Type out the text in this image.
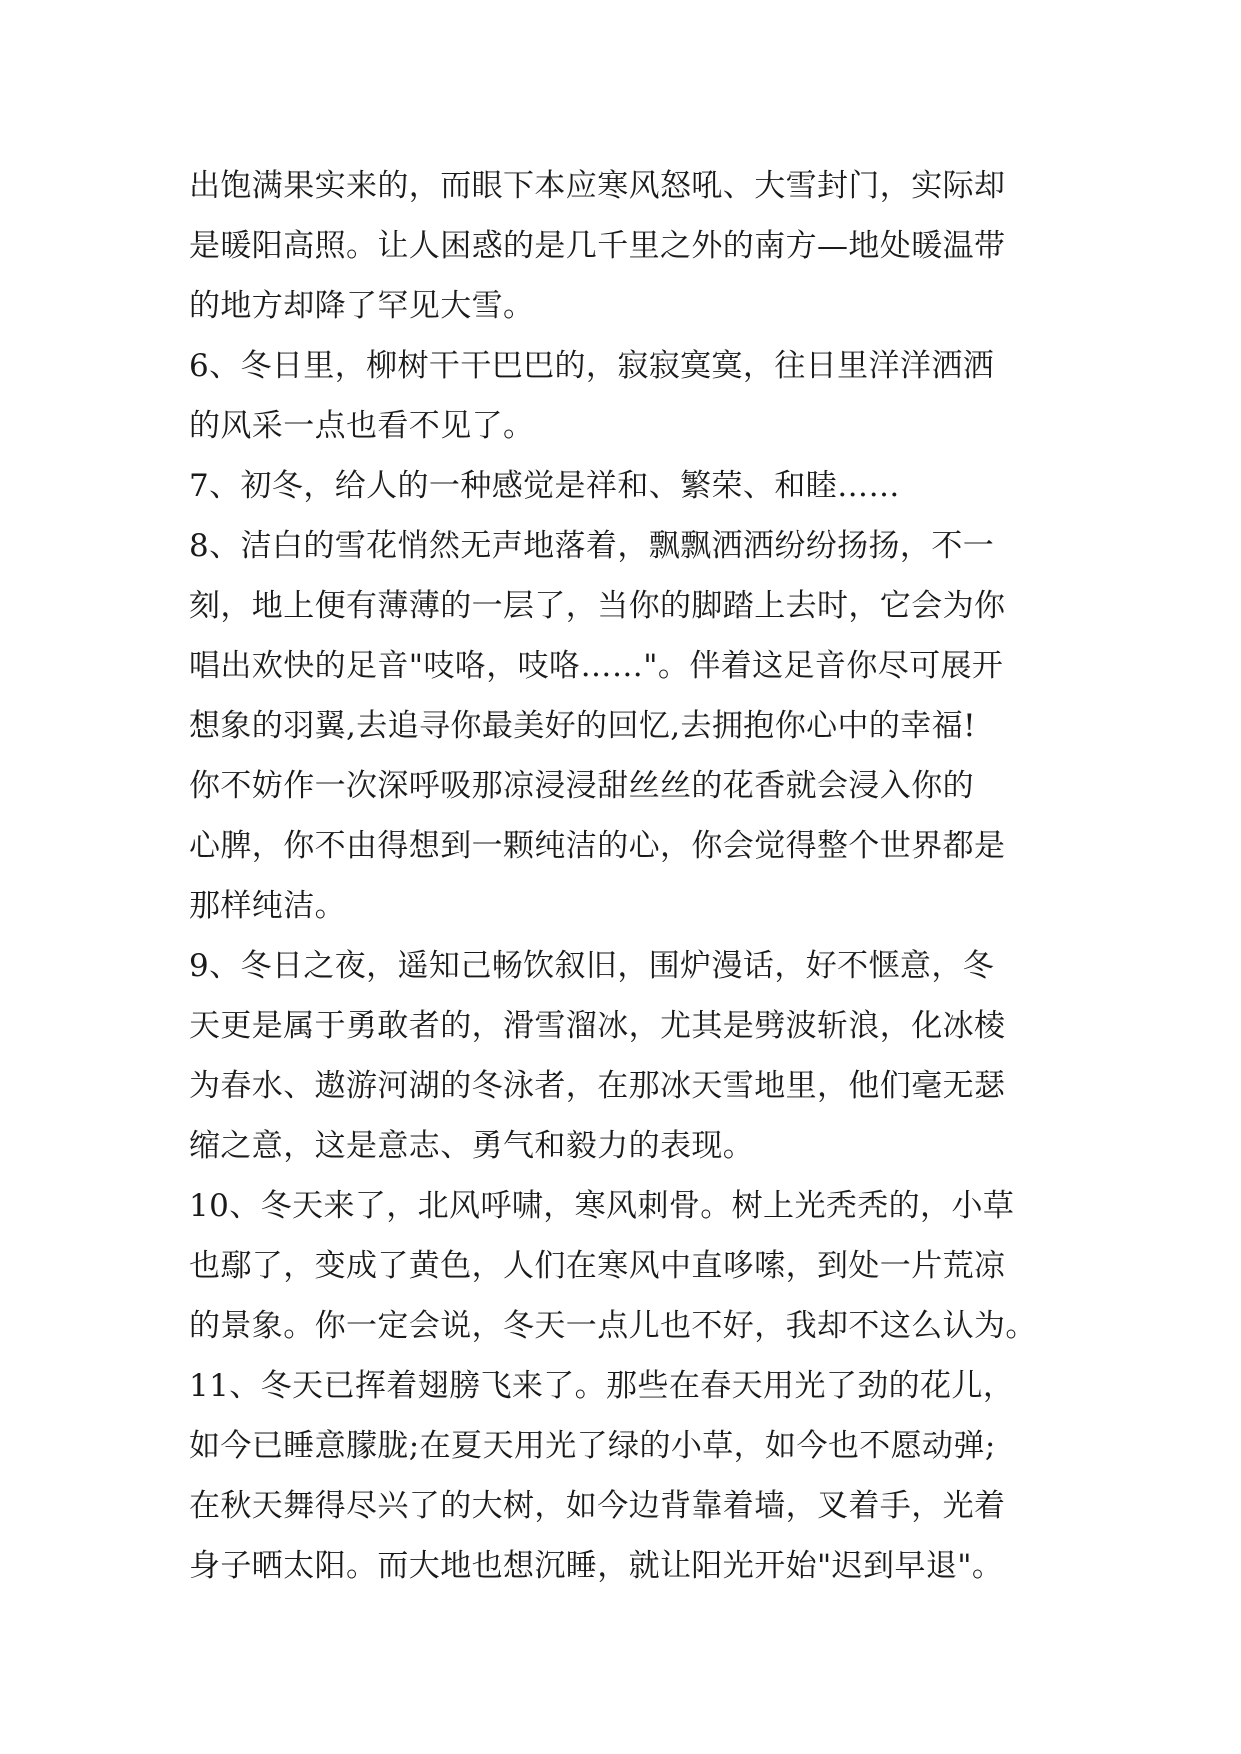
出饱满果实来的，而眼下本应寒风怒吼、大雪封门，实际却
是暖阳高照。让人困惑的是几千里之外的南方—地处暖温带
的地方却降了罕见大雪。
6、冬日里，柳树干干巴巴的，寂寂寞寞，往日里洋洋洒洒
的风采一点也看不见了。
7、初冬，给人的一种感觉是祥和、繁荣、和睦……
8、洁白的雪花悄然无声地落着，飘飘洒洒纷纷扬扬，不一
刻，地上便有薄薄的一层了，当你的脚踏上去时，它会为你
唱出欢快的足音"吱咯，吱咯……"。伴着这足音你尽可展开
想象的羽翼,去追寻你最美好的回忆,去拥抱你心中的幸福!
你不妨作一次深呼吸那凉浸浸甜丝丝的花香就会浸入你的
心脾，你不由得想到一颗纯洁的心，你会觉得整个世界都是
那样纯洁。
9、冬日之夜，遥知己畅饮叙旧，围炉漫话，好不惬意，冬
天更是属于勇敢者的，滑雪溜冰，尤其是劈波斩浪，化冰棱
为春水、遨游河湖的冬泳者，在那冰天雪地里，他们毫无瑟
缩之意，这是意志、勇气和毅力的表现。
10、冬天来了，北风呼啸，寒风刺骨。树上光秃秃的，小草
也鄢了，变成了黄色，人们在寒风中直哆嗦，到处一片荒凉
的景象。你一定会说，冬天一点儿也不好，我却不这么认为。
11、冬天已挥着翅膀飞来了。那些在春天用光了劲的花儿，
如今已睡意朦胧;在夏天用光了绿的小草，如今也不愿动弹;
在秋天舞得尽兴了的大树，如今边背靠着墙，叉着手，光着
身子晒太阳。而大地也想沉睡，就让阳光开始"迟到早退"。
